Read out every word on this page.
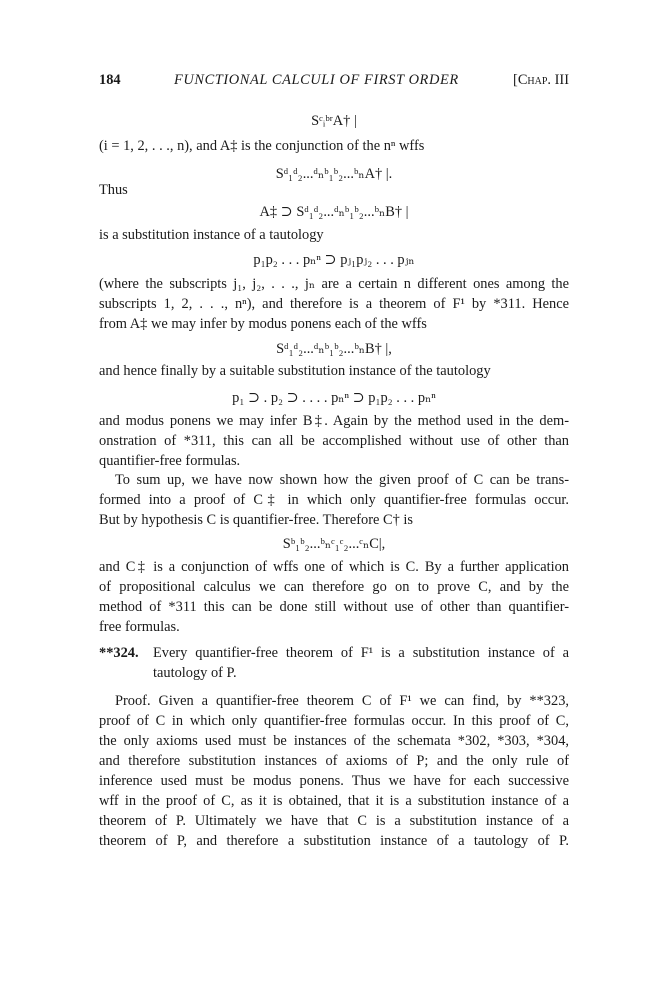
184	FUNCTIONAL CALCULI OF FIRST ORDER	[Chap. III
SᶜᵢᵇʳA† |
(i = 1, 2, . . ., n), and A‡ is the conjunction of the nⁿ wffs
Sᵈ₁ᵈ₂...ᵈₙᵇ₁ᵇ₂...ᵇₙA† |.
Thus
A‡ ⊃ Sᵈ₁ᵈ₂...ᵈₙᵇ₁ᵇ₂...ᵇₙB† |
is a substitution instance of a tautology
p₁p₂ . . . pₙⁿ ⊃ pⱼ₁pⱼ₂ . . . pⱼₙ
(where the subscripts j₁, j₂, . . ., jₙ are a certain n different ones among the
subscripts 1, 2, . . ., nⁿ), and therefore is a theorem of F¹ by *311. Hence
from A‡ we may infer by modus ponens each of the wffs
Sᵈ₁ᵈ₂...ᵈₙᵇ₁ᵇ₂...ᵇₙB† |,
and hence finally by a suitable substitution instance of the tautology
p₁ ⊃ . p₂ ⊃ . . . . pₙⁿ ⊃ p₁p₂ . . . pₙⁿ
and modus ponens we may infer B‡. Again by the method used in the dem-
onstration of *311, this can all be accomplished without use of other than
quantifier-free formulas.
To sum up, we have now shown how the given proof of C can be trans-
formed into a proof of C‡ in which only quantifier-free formulas occur.
But by hypothesis C is quantifier-free. Therefore C† is
Sᵇ₁ᵇ₂...ᵇₙᶜ₁ᶜ₂...ᶜₙC|,
and C‡ is a conjunction of wffs one of which is C. By a further application
of propositional calculus we can therefore go on to prove C, and by the
method of *311 this can be done still without use of other than quantifier-
free formulas.
**324. Every quantifier-free theorem of F¹ is a substitution instance of a
tautology of P.
Proof. Given a quantifier-free theorem C of F¹ we can find, by **323,
proof of C in which only quantifier-free formulas occur. In this proof of C,
the only axioms used must be instances of the schemata *302, *303, *304,
and therefore substitution instances of axioms of P; and the only rule of
inference used must be modus ponens. Thus we have for each successive
wff in the proof of C, as it is obtained, that it is a substitution instance of a
theorem of P. Ultimately we have that C is a substitution instance of a
theorem of P, and therefore a substitution instance of a tautology of P.
